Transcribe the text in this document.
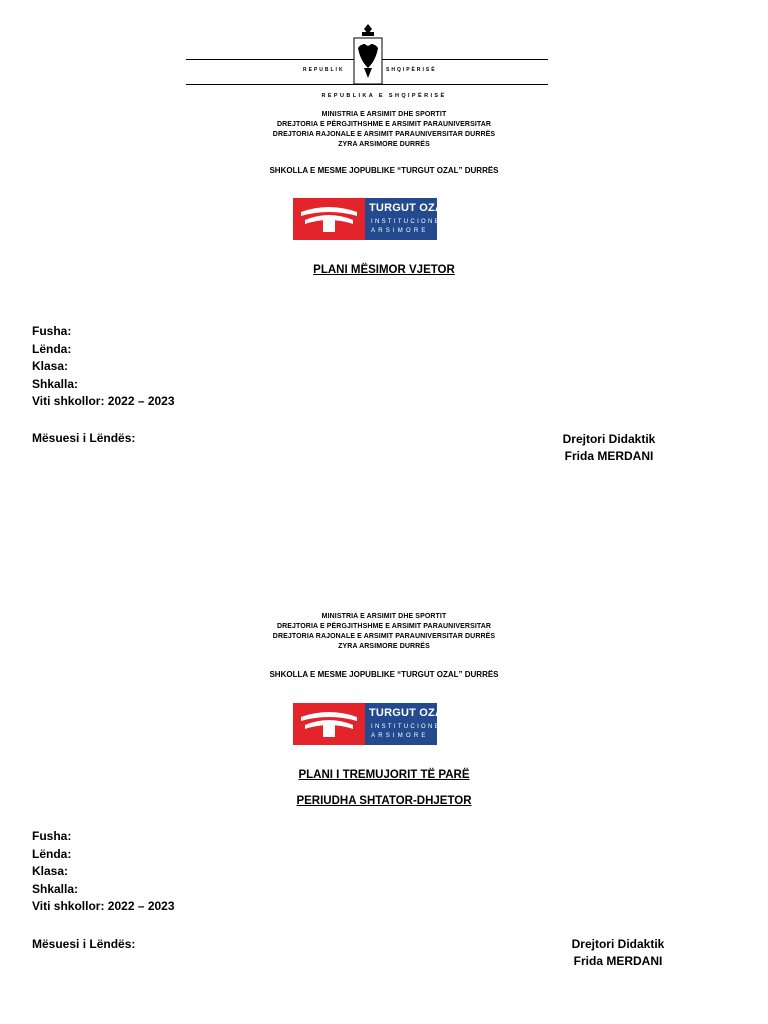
REPUBLIK	SHQIPËRISË
REPUBLIKA E SHQIPËRISË
MINISTRIA E ARSIMIT DHE SPORTIT
DREJTORIA E PËRGJITHSHME E ARSIMIT PARAUNIVERSITAR
DREJTORIA RAJONALE E ARSIMIT PARAUNIVERSITAR DURRËS
ZYRA ARSIMORE DURRËS
SHKOLLA E MESME JOPUBLIKE “TURGUT OZAL” DURRËS
TURGUT OZAL
INSTITUCIONET
ARSIMORE
PLANI MËSIMOR VJETOR
Fusha:
Lënda:
Klasa:
Shkalla:
Viti shkollor: 2022 – 2023
Mësuesi i Lëndës:	Drejtori Didaktik
Frida MERDANI
MINISTRIA E ARSIMIT DHE SPORTIT
DREJTORIA E PËRGJITHSHME E ARSIMIT PARAUNIVERSITAR
DREJTORIA RAJONALE E ARSIMIT PARAUNIVERSITAR DURRËS
ZYRA ARSIMORE DURRËS
SHKOLLA E MESME JOPUBLIKE “TURGUT OZAL” DURRËS
TURGUT OZAL
INSTITUCIONET
ARSIMORE
PLANI I TREMUJORIT TË PARË
PERIUDHA SHTATOR-DHJETOR
Fusha:
Lënda:
Klasa:
Shkalla:
Viti shkollor: 2022 – 2023
Mësuesi i Lëndës:	Drejtori Didaktik
Frida MERDANI
